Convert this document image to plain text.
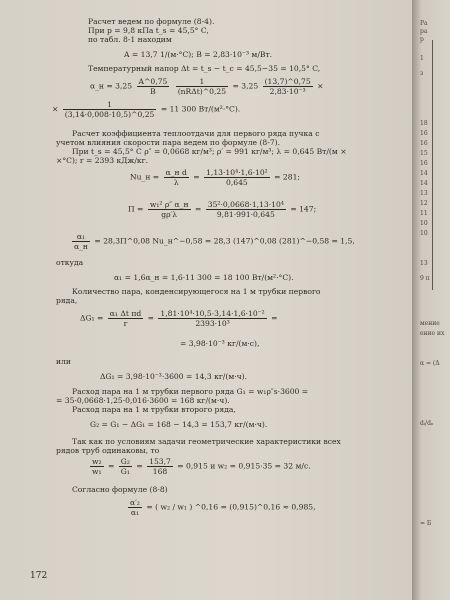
Расчет ведем по формуле (8-4).
При p = 9,8 кПа t_s = 45,5° C,
по табл. 8-1 находим
A = 13,7 1/(м·°C); B = 2,83·10⁻³ м/Вт.
Температурный напор Δt = t_s − t_c = 45,5−35 = 10,5° C,
α_н = $3,25 \frac{A\^{}0,75}{B}$
$\frac{1}{\text{(nRΔt)\textasciicircum{}0,25}} = 3,25 \frac{(13,7)\^{}0,75}{\text{2,83·10⁻³}}$ ×
× $\frac{1}{(3,14\cdot 0,008\cdot 10,5)\^{}0,25} = 11$ 300 Вт/(м²·°C).
Расчет коэффициента теплоотдачи для первого ряда пучка с
учетом влияния скорости пара ведем по формуле (8-7).
При t_s = 45,5° C ρ″ = 0,0668 кг/м³; ρ′ = 991 кг/м³; λ = 0,645 Вт/(м ×
×°C); r = 2393 кДж/кг.
Nu_н = $\frac{\text{α\_н d}}{\lambda} = \frac{\text{1,13·10⁴·1,6·10²}}{0,645} = 281$;
$\Pi = \frac{\text{w₁² ρ″ α\_н}}{g\rho'\lambda} = \frac{\text{35²·0,0668·1,13·10⁴}}{9,81\cdot 991\cdot 0,645} = 147$;
$\frac{\text{α₁}}{\alpha\_н}$ = 28,3Π^0,08 Nu_н^−0,58 = 28,3 (147)^0,08 (281)^−0,58 = 1,5,
откуда
α₁ = 1,6α_н = 1,6·11 300 = 18 100 Вт/(м²·°C).
Количество пара, конденсирующегося на 1 м трубки первого
ряда,
$\Delta G_1 = \frac{\text{α₁ Δt πd}}{r} = \frac{\text{1,81·10⁴·10,5·3,14·1,6·10⁻²}}{\text{2393·10³}}$ =
= 3,98·10⁻³ кг/(м·с),
или
ΔG₁ = 3,98·10⁻³·3600 = 14,3 кг/(м·ч).
Расход пара на 1 м трубки первого ряда G₁ = w₁ρ″s·3600 =
= 35·0,0668·1,25·0,016·3600 = 168 кг/(м·ч).
Расход пара на 1 м трубки второго ряда,
G₂ = G₁ − ΔG₁ = 168 − 14,3 = 153,7 кг/(м·ч).
Так как по условиям задачи геометрические характеристики всех
рядов труб одинаковы, то
$\frac{\text{w₂}}{\text{w₁}} = \frac{\text{G₂}}{\text{G₁}} = \frac{153,7}{168} = 0,915$ и w₂ = 0,915·35 = 32 м/с.
Согласно формуле (8-8)
$\frac{\text{α′₂}}{\text{α₁}}$ = ( w₂ / w₁ ) ^0,16 = (0,915)^0,16 ≈ 0,985,
172
Ра
ра
р
1
з
18
16
16
15
16
14
14
13
12
11
10
10
13
9 п
мение
ение их
α = (Δ
dᵢ/dₙ
= Б
